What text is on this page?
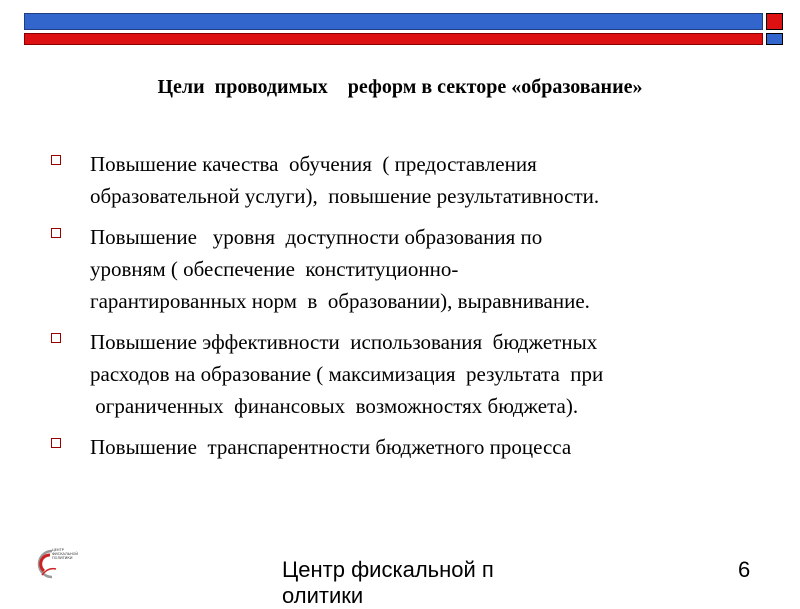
Цели  проводимых    реформ в секторе «образование»
Повышение качества  обучения  ( предоставления
образовательной услуги),  повышение результативности.
Повышение   уровня  доступности образования по
уровням ( обеспечение  конституционно-
гарантированных норм  в  образовании), выравнивание.
Повышение эффективности  использования  бюджетных
расходов на образование ( максимизация  результата  при
ограниченных  финансовых  возможностях бюджета).
Повышение  транспарентности бюджетного процесса
ЦЕНТР
ФИСКАЛЬНОЙ
ПОЛИТИКИ	Центр фискальной п олитики
6
